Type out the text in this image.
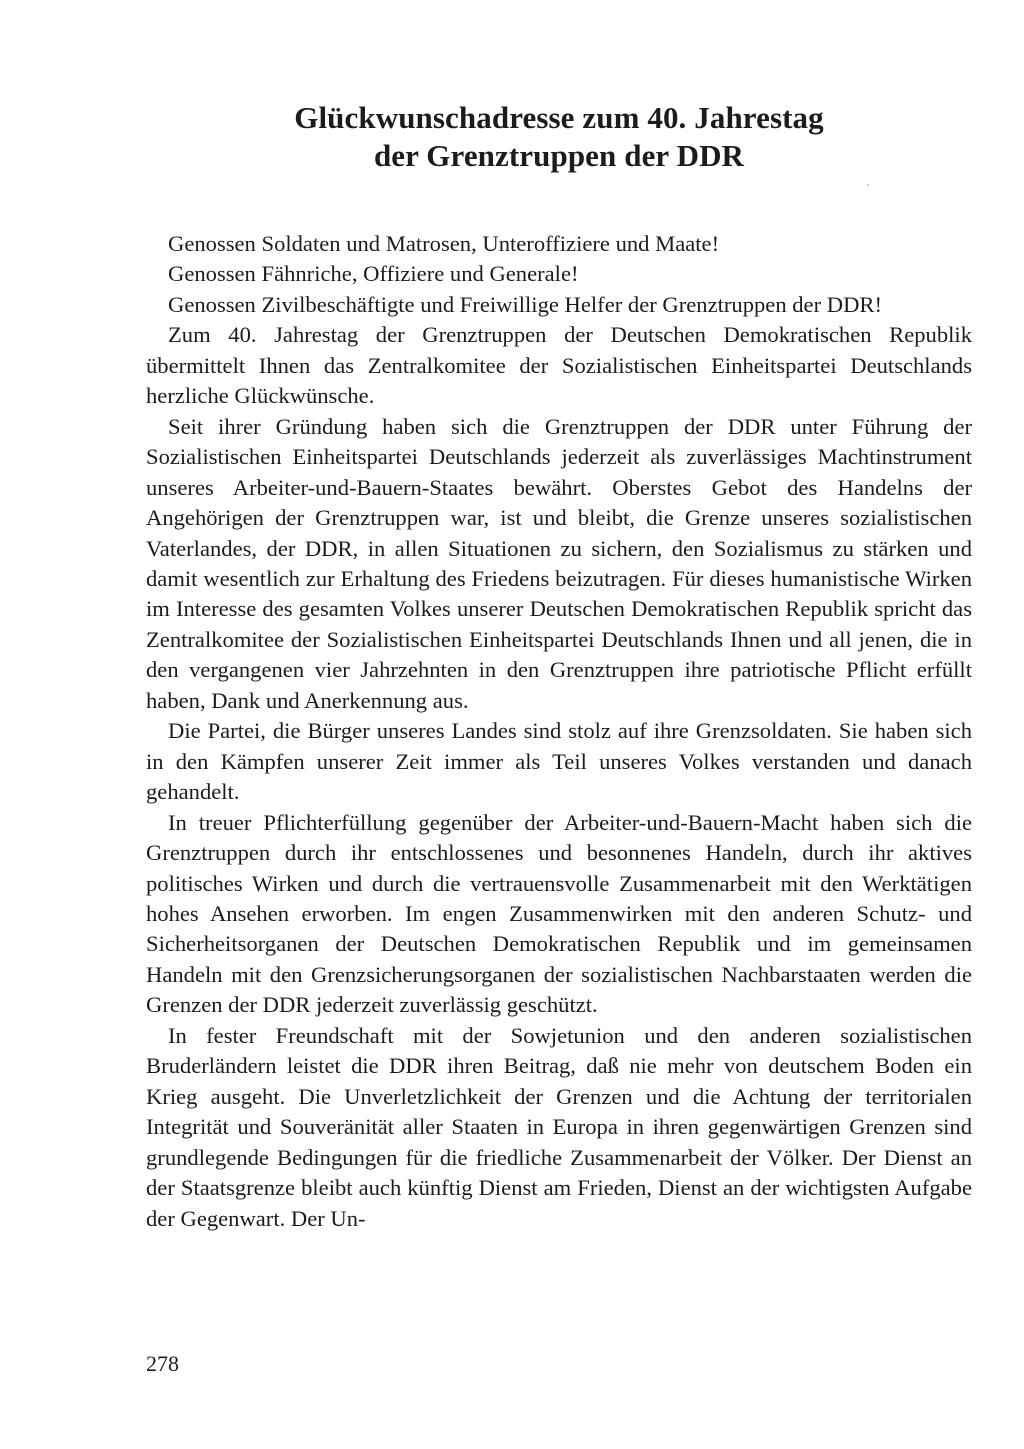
Glückwunschadresse zum 40. Jahrestag
der Grenztruppen der DDR

Genossen Soldaten und Matrosen, Unteroffiziere und Maate!

Genossen Fähnriche, Offiziere und Generale!

Genossen Zivilbeschäftigte und Freiwillige Helfer der Grenztruppen der DDR!

Zum 40. Jahrestag der Grenztruppen der Deutschen Demokratischen Republik übermittelt Ihnen das Zentralkomitee der Sozialistischen Einheitspartei Deutschlands herzliche Glückwünsche.

Seit ihrer Gründung haben sich die Grenztruppen der DDR unter Führung der Sozialistischen Einheitspartei Deutschlands jederzeit als zuverlässiges Machtinstrument unseres Arbeiter-und-Bauern-Staates bewährt. Oberstes Gebot des Handelns der Angehörigen der Grenztruppen war, ist und bleibt, die Grenze unseres sozialistischen Vaterlandes, der DDR, in allen Situationen zu sichern, den Sozialismus zu stärken und damit wesentlich zur Erhaltung des Friedens beizutragen. Für dieses humanistische Wirken im Interesse des gesamten Volkes unserer Deutschen Demokratischen Republik spricht das Zentralkomitee der Sozialistischen Einheitspartei Deutschlands Ihnen und all jenen, die in den vergangenen vier Jahrzehnten in den Grenztruppen ihre patriotische Pflicht erfüllt haben, Dank und Anerkennung aus.

Die Partei, die Bürger unseres Landes sind stolz auf ihre Grenzsoldaten. Sie haben sich in den Kämpfen unserer Zeit immer als Teil unseres Volkes verstanden und danach gehandelt.

In treuer Pflichterfüllung gegenüber der Arbeiter-und-Bauern-Macht haben sich die Grenztruppen durch ihr entschlossenes und besonnenes Handeln, durch ihr aktives politisches Wirken und durch die vertrauensvolle Zusammenarbeit mit den Werktätigen hohes Ansehen erworben. Im engen Zusammenwirken mit den anderen Schutz- und Sicherheitsorganen der Deutschen Demokratischen Republik und im gemeinsamen Handeln mit den Grenzsicherungsorganen der sozialistischen Nachbarstaaten werden die Grenzen der DDR jederzeit zuverlässig geschützt.

In fester Freundschaft mit der Sowjetunion und den anderen sozialistischen Bruderländern leistet die DDR ihren Beitrag, daß nie mehr von deutschem Boden ein Krieg ausgeht. Die Unverletzlichkeit der Grenzen und die Achtung der territorialen Integrität und Souveränität aller Staaten in Europa in ihren gegenwärtigen Grenzen sind grundlegende Bedingungen für die friedliche Zusammenarbeit der Völker. Der Dienst an der Staatsgrenze bleibt auch künftig Dienst am Frieden, Dienst an der wichtigsten Aufgabe der Gegenwart. Der Un-

278
